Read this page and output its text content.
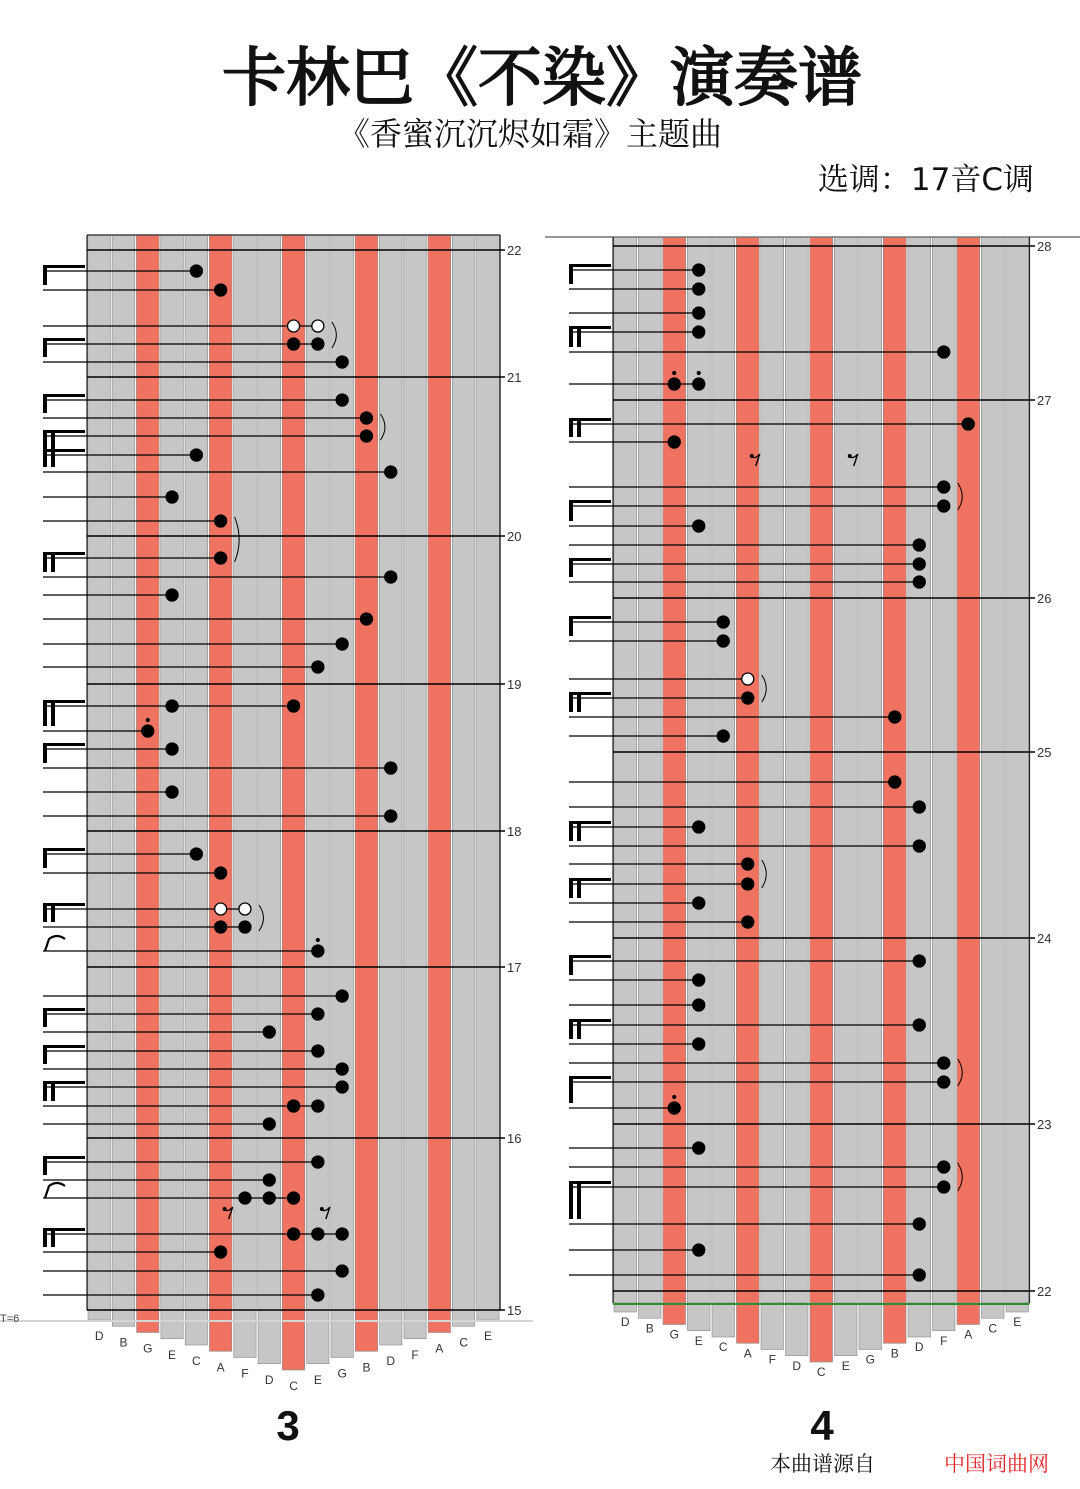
卡林巴《不染》演奏谱
《香蜜沉沉烬如霜》主题曲
选调：17音C调
D B G E C A F D C E G B D F A C E
22
21
20
19
18
17
16
15
D B G E C A F D C E G B D F A C E
28
27
26
25
24
23
22
T=6
3	4
本曲谱源自	中国词曲网
